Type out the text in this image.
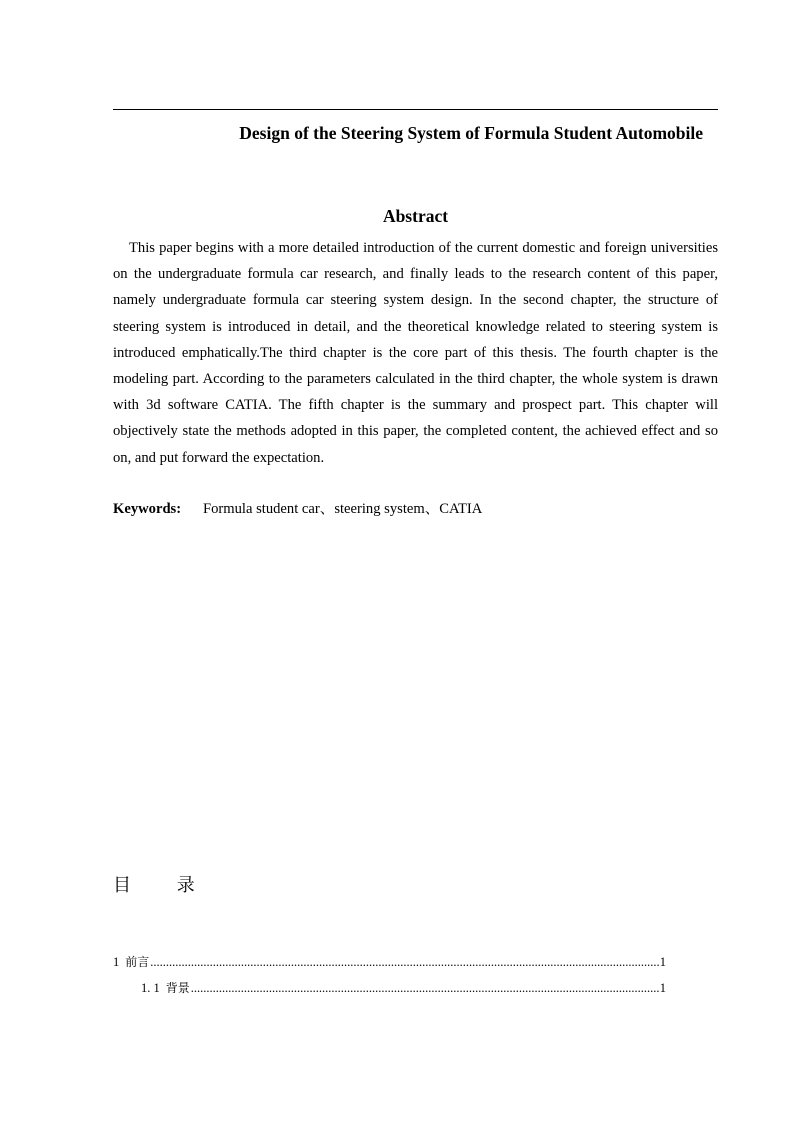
Design of the Steering System of Formula Student Automobile
Abstract

This paper begins with a more detailed introduction of the current domestic and foreign universities on the undergraduate formula car research, and finally leads to the research content of this paper, namely undergraduate formula car steering system design. In the second chapter, the structure of steering system is introduced in detail, and the theoretical knowledge related to steering system is introduced emphatically.The third chapter is the core part of this thesis. The fourth chapter is the modeling part. According to the parameters calculated in the third chapter, the whole system is drawn with 3d software CATIA. The fifth chapter is the summary and prospect part. This chapter will objectively state the methods adopted in this paper, the completed content, the achieved effect and so on, and put forward the expectation.

Keywords: Formula student car、steering system、CATIA
目 录
1 前言 .....	1
1. 1 背景 .....	1
